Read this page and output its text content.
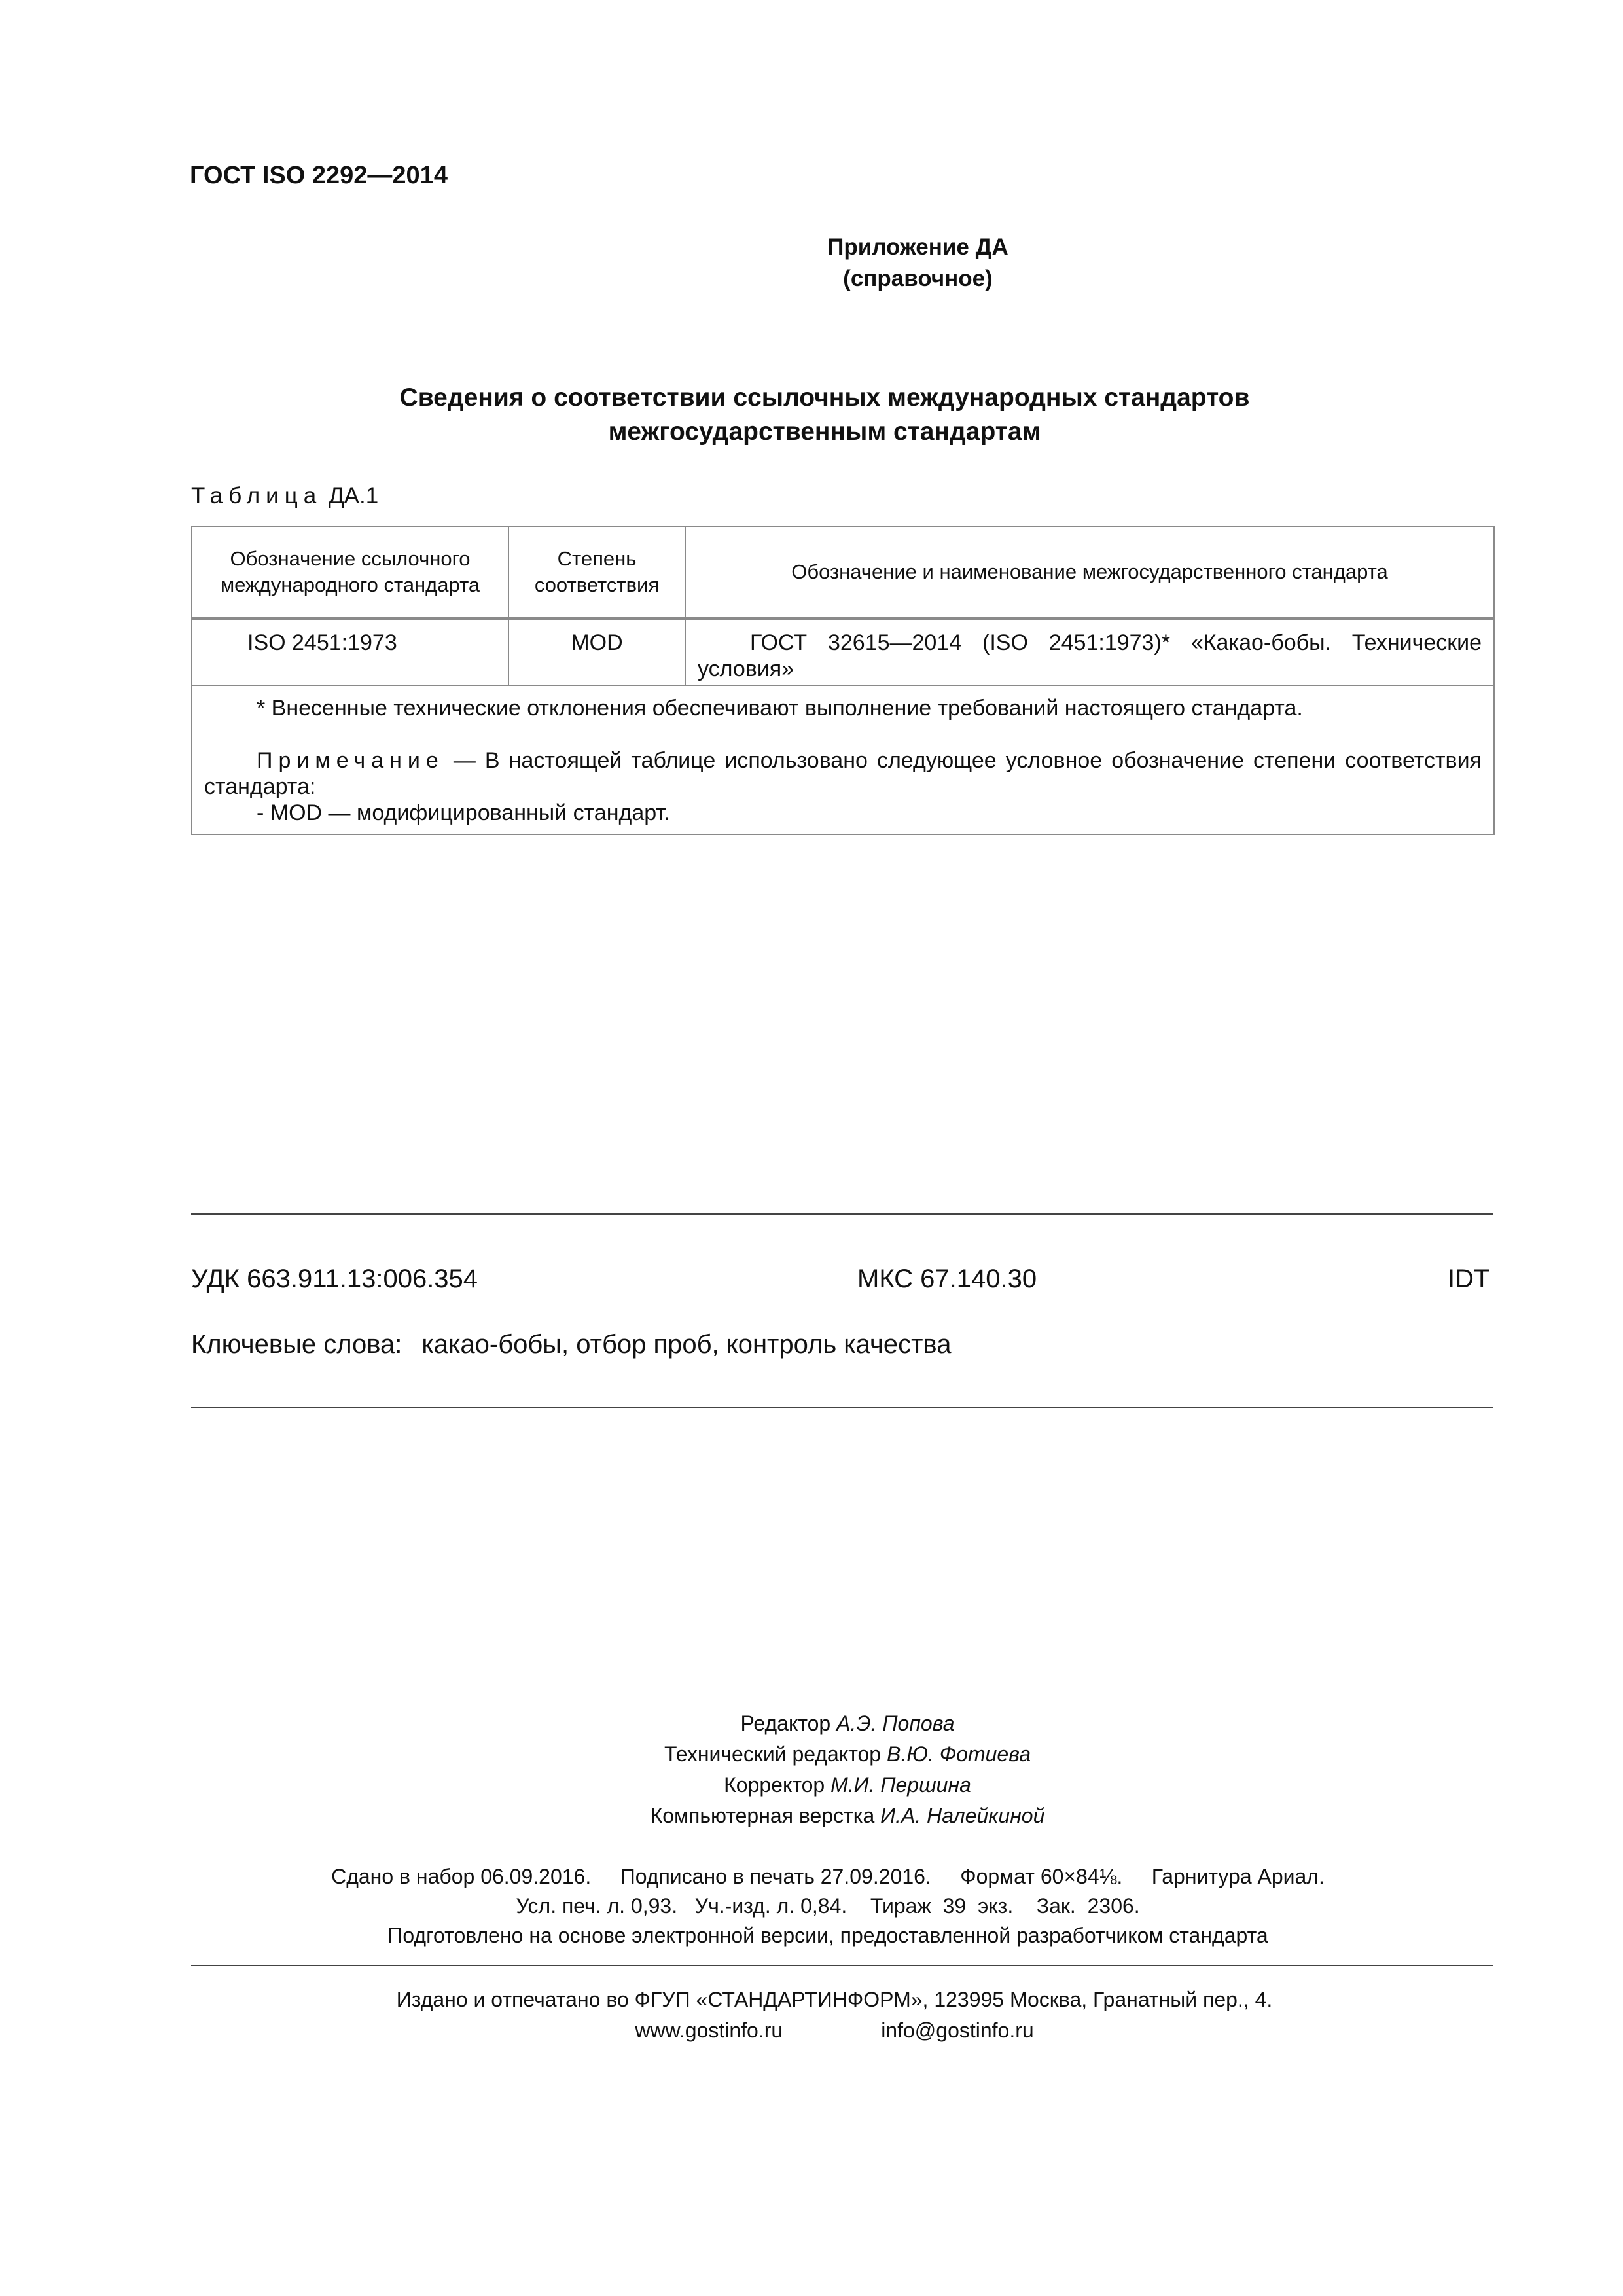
ГОСТ ISO 2292—2014
Приложение ДА
(справочное)
Сведения о соответствии ссылочных международных стандартов
межгосударственным стандартам
Таблица ДА.1
Обозначение ссылочного международного стандарта	Степень соответствия	Обозначение и наименование межгосударственного стандарта
ISO 2451:1973	MOD	ГОСТ 32615—2014 (ISO 2451:1973)* «Какао-бобы. Технические условия»

* Внесенные технические отклонения обеспечивают выполнение требований настоящего стандарта.

Примечание — В настоящей таблице использовано следующее условное обозначение степени соответствия стандарта:

- MOD — модифицированный стандарт.		

УДК 663.911.13:006.354	МКС 67.140.30	IDT
Ключевые слова: какао-бобы, отбор проб, контроль качества
Редактор А.Э. Попова
Технический редактор В.Ю. Фотиева
Корректор М.И. Першина
Компьютерная верстка И.А. Налейкиной
Сдано в набор 06.09.2016.     Подписано в печать 27.09.2016.     Формат 60×84⅛.     Гарнитура Ариал.
Усл. печ. л. 0,93.   Уч.-изд. л. 0,84.    Тираж  39  экз.    Зак.  2306.
Подготовлено на основе электронной версии, предоставленной разработчиком стандарта
Издано и отпечатано во ФГУП «СТАНДАРТИНФОРМ», 123995 Москва, Гранатный пер., 4.
www.gostinfo.ru	info@gostinfo.ru
